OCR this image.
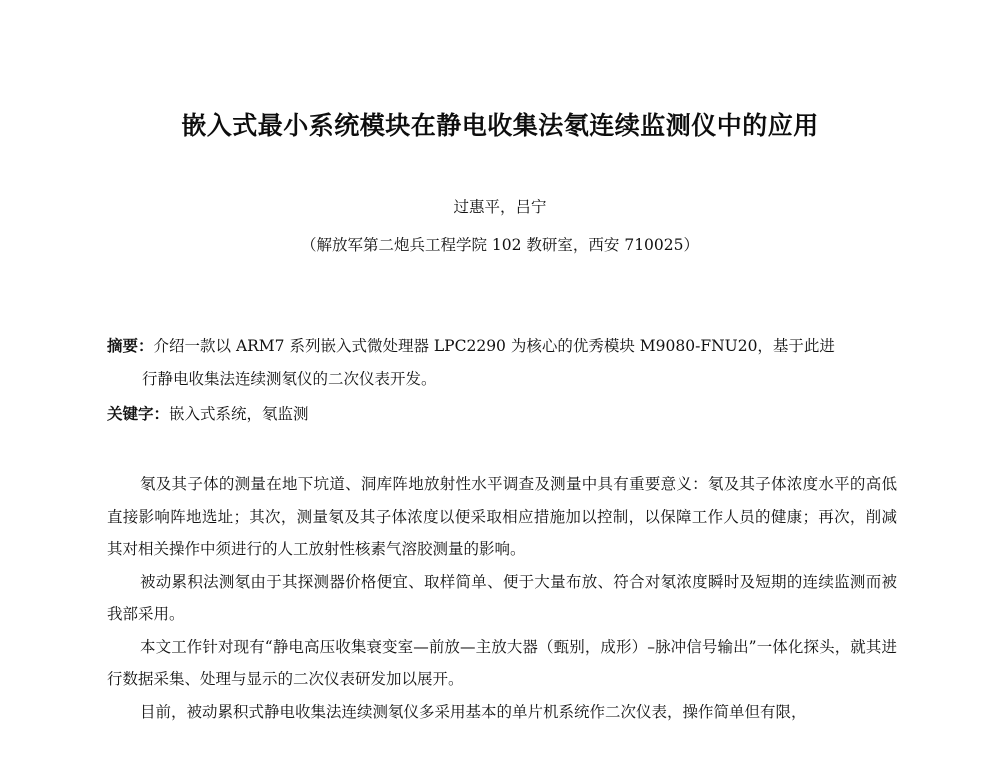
嵌入式最小系统模块在静电收集法氡连续监测仪中的应用
过惠平，吕宁
（解放军第二炮兵工程学院 102 教研室，西安 710025）
摘要：介绍一款以 ARM7 系列嵌入式微处理器 LPC2290 为核心的优秀模块 M9080-FNU20，基于此进
行静电收集法连续测氡仪的二次仪表开发。
关键字：嵌入式系统，氡监测

氡及其子体的测量在地下坑道、洞库阵地放射性水平调查及测量中具有重要意义：氡及其子体浓度水平的高低直接影响阵地选址；其次，测量氡及其子体浓度以便采取相应措施加以控制，以保障工作人员的健康；再次，削减其对相关操作中须进行的人工放射性核素气溶胶测量的影响。

被动累积法测氡由于其探测器价格便宜、取样简单、便于大量布放、符合对氡浓度瞬时及短期的连续监测而被我部采用。

本文工作针对现有“静电高压收集衰变室—前放—主放大器（甄别，成形）–脉冲信号输出”一体化探头，就其进行数据采集、处理与显示的二次仪表研发加以展开。

目前，被动累积式静电收集法连续测氡仪多采用基本的单片机系统作二次仪表，操作简单但有限，
